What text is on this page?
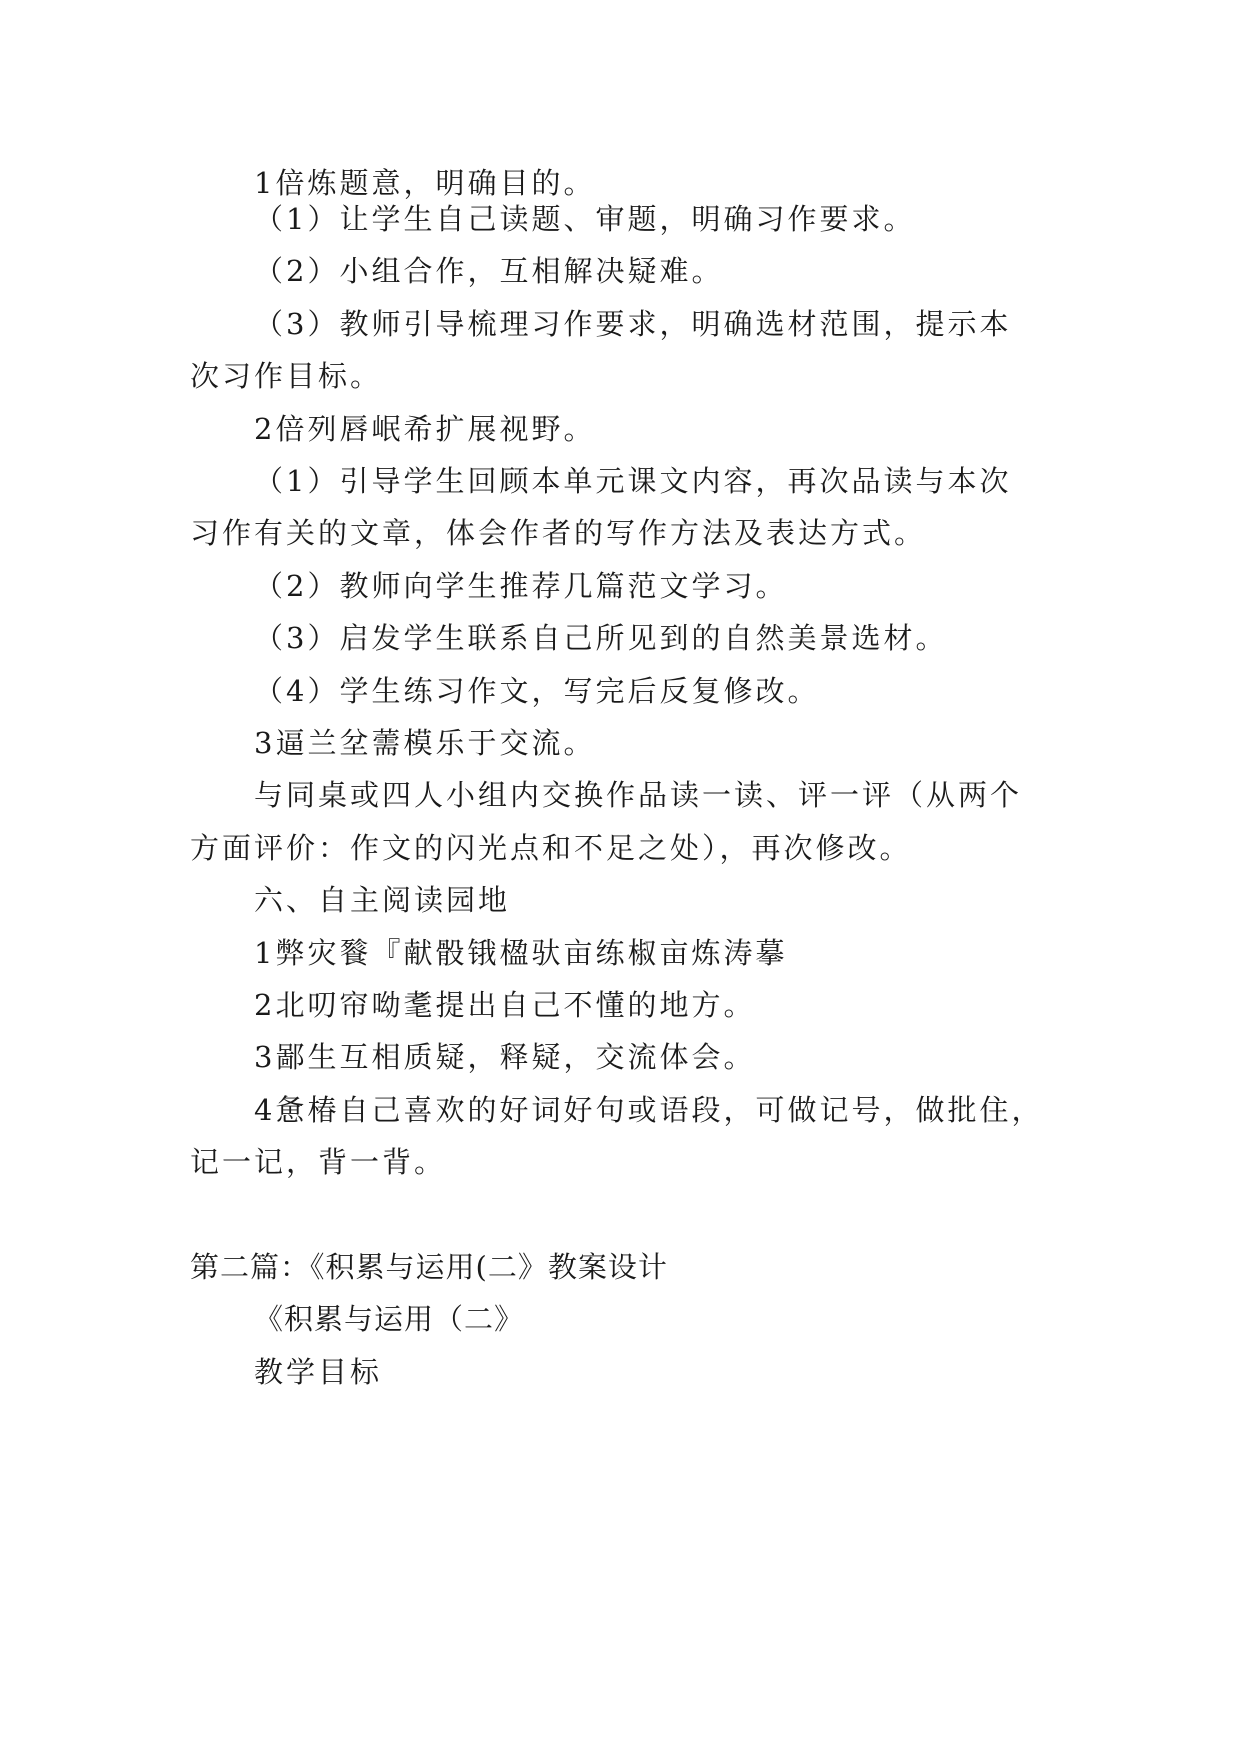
1倍炼题意，明确目的。
（1）让学生自己读题、审题，明确习作要求。
（2）小组合作，互相解决疑难。
（3）教师引导梳理习作要求，明确选材范围，提示本
次习作目标。
2倍列唇岷希扩展视野。
（1）引导学生回顾本单元课文内容，再次品读与本次
习作有关的文章，体会作者的写作方法及表达方式。
（2）教师向学生推荐几篇范文学习。
（3）启发学生联系自己所见到的自然美景选材。
（4）学生练习作文，写完后反复修改。
3逼兰坌薷模乐于交流。
与同桌或四人小组内交换作品读一读、评一评（从两个
方面评价：作文的闪光点和不足之处），再次修改。
六、自主阅读园地
1弊灾餮『献骰锇楹驮亩练椒亩炼涛摹
2北叨帘呦耄提出自己不懂的地方。
3鄙生互相质疑，释疑，交流体会。
4惫椿自己喜欢的好词好句或语段，可做记号，做批住，
记一记，背一背。
第二篇：《积累与运用(二》教案设计
《积累与运用（二》
教学目标
